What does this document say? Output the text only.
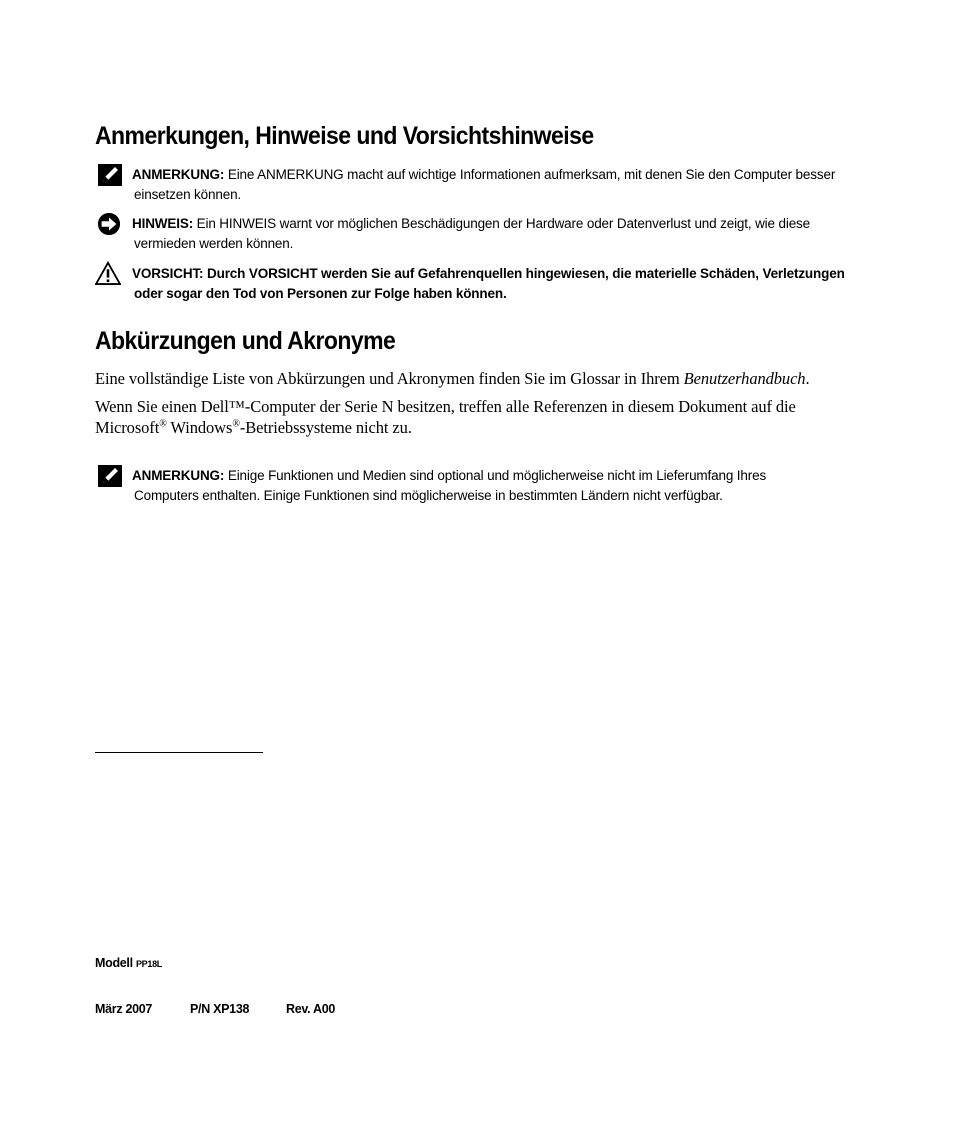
Anmerkungen, Hinweise und Vorsichtshinweise
ANMERKUNG: Eine ANMERKUNG macht auf wichtige Informationen aufmerksam, mit denen Sie den Computer besser
einsetzen können.
HINWEIS: Ein HINWEIS warnt vor möglichen Beschädigungen der Hardware oder Datenverlust und zeigt, wie diese
vermieden werden können.
VORSICHT: Durch VORSICHT werden Sie auf Gefahrenquellen hingewiesen, die materielle Schäden, Verletzungen
oder sogar den Tod von Personen zur Folge haben können.
Abkürzungen und Akronyme
Eine vollständige Liste von Abkürzungen und Akronymen finden Sie im Glossar in Ihrem Benutzerhandbuch.
Wenn Sie einen Dell™-Computer der Serie N besitzen, treffen alle Referenzen in diesem Dokument auf die
Microsoft® Windows®-Betriebssysteme nicht zu.
ANMERKUNG: Einige Funktionen und Medien sind optional und möglicherweise nicht im Lieferumfang Ihres
Computers enthalten. Einige Funktionen sind möglicherweise in bestimmten Ländern nicht verfügbar.
Modell PP18L
März 2007	P/N XP138	Rev. A00
